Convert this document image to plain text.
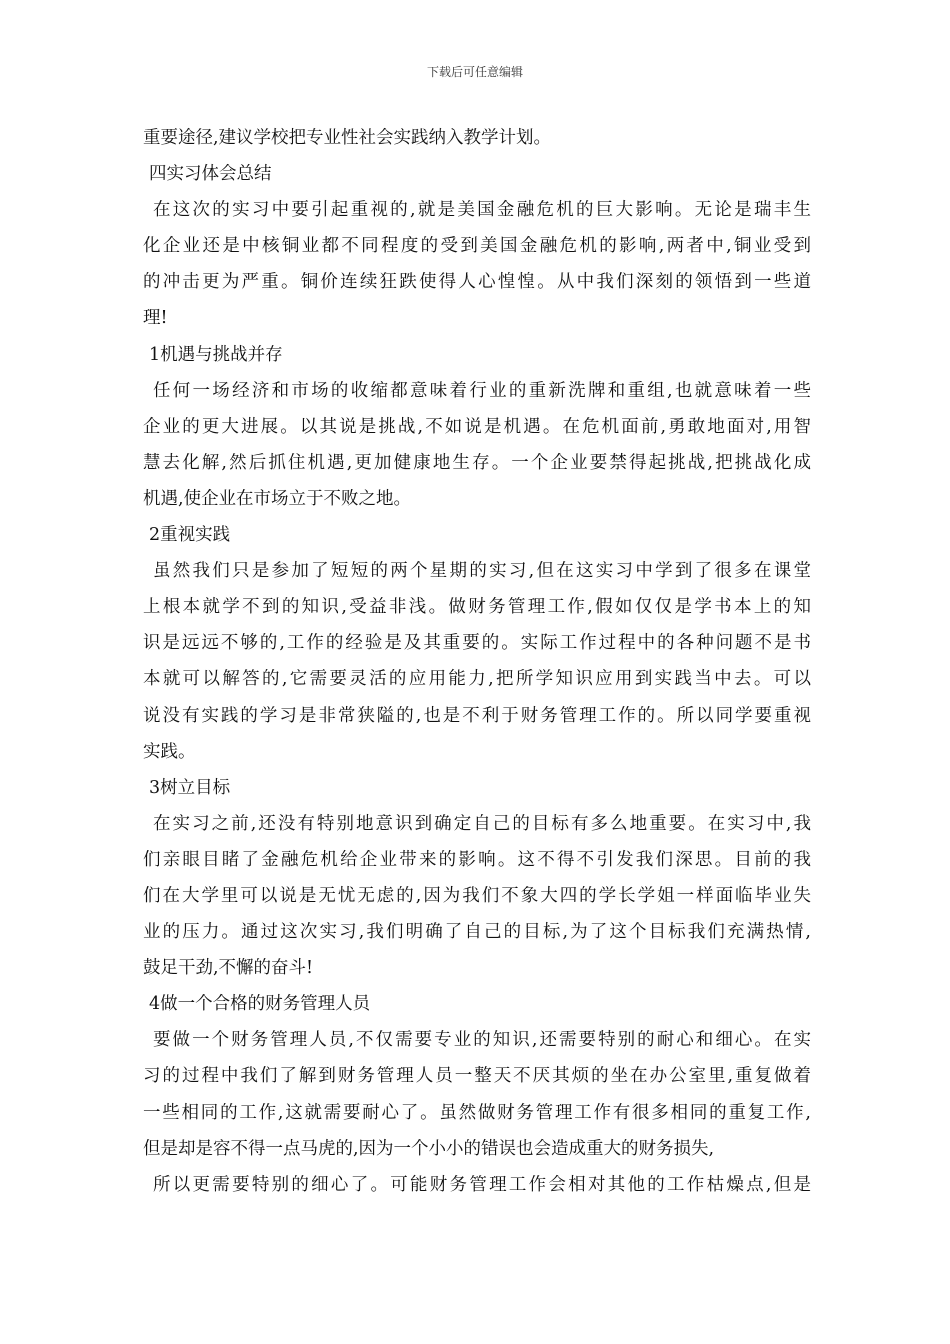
下载后可任意编辑
重要途径,建议学校把专业性社会实践纳入教学计划。
四实习体会总结
在这次的实习中要引起重视的,就是美国金融危机的巨大影响。无论是瑞丰生
化企业还是中核铜业都不同程度的受到美国金融危机的影响,两者中,铜业受到
的冲击更为严重。铜价连续狂跌使得人心惶惶。从中我们深刻的领悟到一些道
理!
1机遇与挑战并存
任何一场经济和市场的收缩都意味着行业的重新洗牌和重组,也就意味着一些
企业的更大进展。以其说是挑战,不如说是机遇。在危机面前,勇敢地面对,用智
慧去化解,然后抓住机遇,更加健康地生存。一个企业要禁得起挑战,把挑战化成
机遇,使企业在市场立于不败之地。
2重视实践
虽然我们只是参加了短短的两个星期的实习,但在这实习中学到了很多在课堂
上根本就学不到的知识,受益非浅。做财务管理工作,假如仅仅是学书本上的知
识是远远不够的,工作的经验是及其重要的。实际工作过程中的各种问题不是书
本就可以解答的,它需要灵活的应用能力,把所学知识应用到实践当中去。可以
说没有实践的学习是非常狭隘的,也是不利于财务管理工作的。所以同学要重视
实践。
3树立目标
在实习之前,还没有特别地意识到确定自己的目标有多么地重要。在实习中,我
们亲眼目睹了金融危机给企业带来的影响。这不得不引发我们深思。目前的我
们在大学里可以说是无忧无虑的,因为我们不象大四的学长学姐一样面临毕业失
业的压力。通过这次实习,我们明确了自己的目标,为了这个目标我们充满热情,
鼓足干劲,不懈的奋斗!
4做一个合格的财务管理人员
要做一个财务管理人员,不仅需要专业的知识,还需要特别的耐心和细心。在实
习的过程中我们了解到财务管理人员一整天不厌其烦的坐在办公室里,重复做着
一些相同的工作,这就需要耐心了。虽然做财务管理工作有很多相同的重复工作,
但是却是容不得一点马虎的,因为一个小小的错误也会造成重大的财务损失,
所以更需要特别的细心了。可能财务管理工作会相对其他的工作枯燥点,但是
